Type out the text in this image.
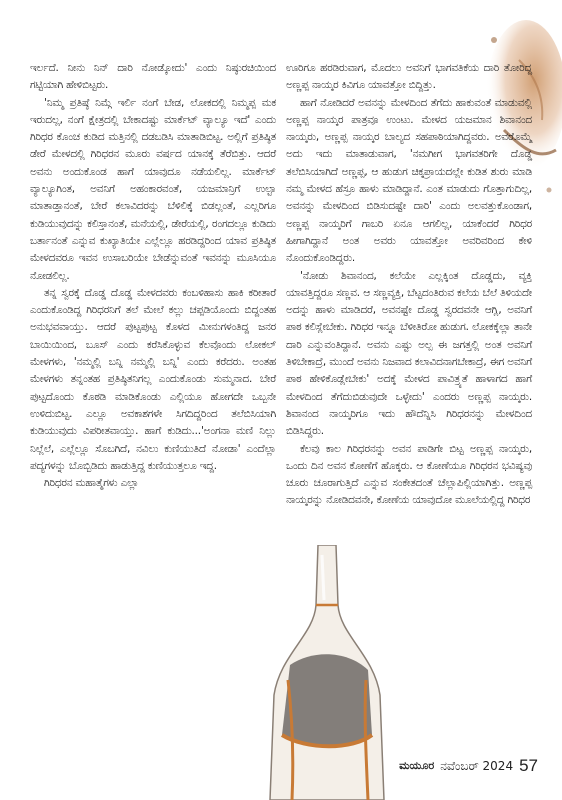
ಇರ್ಲದೆ. ನೀನು ನಿನ್ ದಾರಿ ನೋಡ್ಕೋದು' ಎಂದು ನಿಷ್ಠುರಚಿಯಿಂದ ಗಟ್ಟಿಯಾಗಿ ಹೇಳಿಬಿಟ್ಟರು.

'ನಿಮ್ಮ ಪ್ರತಿಷ್ಠೆ ನಿಮ್ಗೆ ಇರ್ಲಿ ನಂಗೆ ಬೇಡ, ಲೋಕದಲ್ಲಿ ನಿಮ್ಮಪ್ಪ ಮಕ ಇರುದಲ್ಲ, ನಂಗೆ ಕ್ಷೇತ್ರದಲ್ಲಿ ಬೇಕಾದಷ್ಟು ಮಾರ್ಕೆಟ್ ವ್ಯಾಲ್ಯೂ ಇದೆ' ಎಂದು ಗಿರಿಧರ ಕೊಂಚ ಕುಡಿದ ಮತ್ತಿನಲ್ಲಿ ದಡಬಡಿಸಿ ಮಾತಾಡಿಬಿಟ್ಟ. ಅಲ್ಲಿಗೆ ಪ್ರತಿಷ್ಠಿತ ಡೇರೆ ಮೇಳದಲ್ಲಿ ಗಿರಿಧರನ ಮೂರು ವರ್ಷದ ಯಾನಕ್ಕೆ ತೆರೆಬಿತ್ತು. ಆದರೆ ಅವನು ಅಂದುಕೊಂಡ ಹಾಗೆ ಯಾವುದೂ ನಡೆಯಲಿಲ್ಲ. ಮಾರ್ಕೆಟ್ ವ್ಯಾಲ್ಯೂಗಿಂತ, ಅವನಿಗೆ ಅಹಂಕಾರವಂತೆ, ಯಜಮಾನ್ರಿಗೆ ಉಲ್ಟಾ ಮಾತಾಡ್ತಾನಂತೆ, ಬೇರೆ ಕಲಾವಿದರನ್ನು ಬೆಳಿಲಿಕ್ಕೆ ಬಿಡಲ್ಲಂತೆ, ಎಲ್ಲರಿಗೂ ಕುಡಿಯುವುದನ್ನು ಕಲಿಸ್ತಾನಂತೆ, ಮನೆಯಲ್ಲಿ, ಡೇರೆಯಲ್ಲಿ, ರಂಗದಲ್ಲೂ ಕುಡಿದು ಬರ್ತಾನಂತೆ ಎನ್ನುವ ಕುಖ್ಯಾತಿಯೇ ಎಲ್ಲೆಲ್ಲೂ ಹರಡಿದ್ದರಿಂದ ಯಾವ ಪ್ರತಿಷ್ಠಿತ ಮೇಳದವರೂ ಇವನ ಉಸಾಬರಿಯೇ ಬೇಡೆನ್ನುವಂತೆ ಇವನನ್ನು ಮೂಸಿಯೂ ನೋಡಲಿಲ್ಲ.

ತನ್ನ ಸ್ವರಕ್ಕೆ ದೊಡ್ಡ ದೊಡ್ಡ ಮೇಳದವರು ಕಂಬಳಿಹಾಸು ಹಾಕಿ ಕರೀತಾರೆ ಎಂದುಕೊಂಡಿದ್ದ ಗಿರಿಧರನಿಗೆ ತಲೆ ಮೇಲೆ ಕಲ್ಲು ಚಪ್ಪಡಿಯೊಂದು ಬಿದ್ದಂತಹ ಅನುಭವವಾಯ್ತು. ಆದರೆ ಪುಟ್ಟಪುಟ್ಟ ಕೊಳದ ಮೀನುಗಳಂತಿದ್ದ ಜನರ ಬಾಯಿಯಿಂದ, ಬೂಸ್ ಎಂದು ಕರೆಸಿಕೊಳ್ಳುವ ಕೆಲವೊಂದು ಲೋಕಲ್ ಮೇಳಗಳು, 'ನಮ್ಮಲ್ಲಿ ಬನ್ನಿ ನಮ್ಮಲ್ಲಿ ಬನ್ನಿ' ಎಂದು ಕರೆದರು. ಅಂತಹ ಮೇಳಗಳು ತನ್ನಂತಹ ಪ್ರತಿಷ್ಠಿತನಿಗಲ್ಲ ಎಂದುಕೊಂಡು ಸುಮ್ಮನಾದ. ಬೇರೆ ಪುಟ್ಟದೊಂದು ಕೊಠಡಿ ಮಾಡಿಕೊಂಡು ಎಲ್ಲಿಯೂ ಹೋಗದೇ ಒಬ್ಬನೇ ಉಳಿದುಬಿಟ್ಟ. ಎಲ್ಲೂ ಅವಕಾಶಗಳೇ ಸಿಗದಿದ್ದರಿಂದ ತಲೆಬಿಸಿಯಾಗಿ ಕುಡಿಯುವುದು ವಿಪರೀತವಾಯ್ತು. ಹಾಗೆ ಕುಡಿದು...'ಅಂಗನಾ ಮಣಿ ನಿಲ್ಲು ನಿಲ್ಲೆಲೆ, ಎಲ್ಲೆಲ್ಲೂ ಸೊಬಗಿದೆ, ನವಿಲು ಕುಣಿಯುತಿದೆ ನೋಡಾ' ಎಂದೆಲ್ಲಾ ಪದ್ಯಗಳನ್ನು ಬೊಬ್ಬಿಡಿದು ಹಾಡುತ್ತಿದ್ದ ಕುಣಿಯುತ್ತಲೂ ಇದ್ದ.

ಗಿರಿಧರನ ಮಹಾತ್ಮೆಗಳು ಎಲ್ಲಾ

ಊರಿಗೂ ಹರಡಿರುವಾಗ, ಮೊದಲು ಅವನಿಗೆ ಭಾಗವತಿಕೆಯ ದಾರಿ ತೋರಿದ್ದ ಅಣ್ಣಪ್ಪ ನಾಯ್ಕರ ಕಿವಿಗೂ ಯಾವತ್ತೋ ಬಿದ್ದಿತ್ತು.

ಹಾಗೆ ನೋಡಿದರೆ ಅವನನ್ನು ಮೇಳದಿಂದ ತೆಗೆದು ಹಾಕುವಂತೆ ಮಾಡುವಲ್ಲಿ ಅಣ್ಣಪ್ಪ ನಾಯ್ಕರ ಪಾತ್ರವೂ ಉಂಟು. ಮೇಳದ ಯಜಮಾನ ಶಿವಾನಂದ ನಾಯ್ಕರು, ಅಣ್ಣಪ್ಪ ನಾಯ್ಕರ ಬಾಲ್ಯದ ಸಹಪಾಠಿಯಾಗಿದ್ದವರು. ಅವರೊಮ್ಮೆ ಅದು ಇದು ಮಾತಾಡುವಾಗ, 'ನಮಗೀಗ ಭಾಗವತರಿಗೇ ದೊಡ್ಡ ತಲೆಬಿಸಿಯಾಗಿದೆ ಅಣ್ಣಪ್ಪ, ಆ ಹುಡುಗ ಚಿಕ್ಕಪ್ರಾಯದಲ್ಲೇ ಕುಡಿತ ಶುರು ಮಾಡಿ ನಮ್ಮ ಮೇಳದ ಹೆಸ್ರೂ ಹಾಳು ಮಾಡಿದ್ದಾನೆ. ಎಂತ ಮಾಡುದು ಗೊತ್ತಾಗುದಿಲ್ಲ, ಅವನನ್ನು ಮೇಳದಿಂದ ಬಿಡಿಸುದಷ್ಟೇ ದಾರಿ' ಎಂದು ಅಲವತ್ತುಕೊಂಡಾಗ, ಅಣ್ಣಪ್ಪ ನಾಯ್ಕರಿಗೆ ಗಾಬರಿ ಏನೂ ಆಗಲಿಲ್ಲ, ಯಾಕೆಂದರೆ ಗಿರಿಧರ ಹೀಗಾಗಿದ್ದಾನೆ ಅಂತ ಅವರು ಯಾವತ್ತೋ ಅವರಿವರಿಂದ ಕೇಳಿ ನೊಂದುಕೊಂಡಿದ್ದರು.

'ನೋಡು ಶಿವಾನಂದ, ಕಲೆಯೇ ಎಲ್ಲಕ್ಕಿಂತ ದೊಡ್ಡದು, ವ್ಯಕ್ತಿ ಯಾವತ್ತಿದ್ದರೂ ಸಣ್ಣವ. ಆ ಸಣ್ಣವ್ಯಕ್ತಿ, ಬೆಟ್ಟದಂತಿರುವ ಕಲೆಯ ಬೆಲೆ ತಿಳಿಯದೇ ಅದನ್ನು ಹಾಳು ಮಾಡಿದರೆ, ಅವನಷ್ಟೇ ದೊಡ್ಡ ಸ್ವರದವನೇ ಆಗ್ಲಿ, ಅವನಿಗೆ ಪಾಠ ಕಲಿಸ್ಲೇಬೇಕು. ಗಿರಿಧರ ಇನ್ನೂ ಬೆಳೀತಿರೋ ಹುಡುಗ. ಲೋಕಕ್ಕೆಲ್ಲಾ ತಾನೇ ದಾರಿ ಎನ್ನುವಂತಿದ್ದಾನೆ. ಅವನು ಎಷ್ಟು ಅಲ್ಪ ಈ ಜಗತ್ತಲ್ಲಿ ಅಂತ ಅವನಿಗೆ ತಿಳಿಬೇಕಾದ್ರೆ, ಮುಂದೆ ಅವನು ನಿಜವಾದ ಕಲಾವಿದನಾಗಬೇಕಾದ್ರೆ, ಈಗ ಅವನಿಗೆ ಪಾಠ ಹೇಳಿಕೊಡ್ಲೇಬೇಕು' ಅದಕ್ಕೆ ಮೇಳದ ಪಾವಿತ್ರ್ಯತೆ ಹಾಳಾಗದ ಹಾಗೆ ಮೇಳದಿಂದ ತೆಗೆದುಬಿಡುವುದೇ ಒಳ್ಳೇದು' ಎಂದರು ಅಣ್ಣಪ್ಪ ನಾಯ್ಕರು. ಶಿವಾನಂದ ನಾಯ್ಕರಿಗೂ ಇದು ಹೌದೆನ್ನಿಸಿ ಗಿರಿಧರನನ್ನು ಮೇಳದಿಂದ ಬಿಡಿಸಿದ್ದರು.

ಕೆಲವು ಕಾಲ ಗಿರಿಧರನನ್ನು ಅವನ ಪಾಡಿಗೇ ಬಿಟ್ಟ ಅಣ್ಣಪ್ಪ ನಾಯ್ಕರು, ಒಂದು ದಿನ ಅವನ ಕೋಣೆಗೆ ಹೊಕ್ಕರು. ಆ ಕೋಣೆಯೂ ಗಿರಿಧರನ ಭವಿಷ್ಯವು ಚೂರು ಚೂರಾಗುತ್ತಿದೆ ಎನ್ನುವ ಸಂಕೇತದಂತೆ ಚೆಲ್ಲಾಪಿಲ್ಲಿಯಾಗಿತ್ತು. ಅಣ್ಣಪ್ಪ ನಾಯ್ಕರನ್ನು ನೋಡಿದವನೇ, ಕೋಣೆಯ ಯಾವುದೋ ಮೂಲೆಯಲ್ಲಿದ್ದ ಗಿರಿಧರ

ಮಯೂರ ನವೆಂಬರ್ 2024 57
